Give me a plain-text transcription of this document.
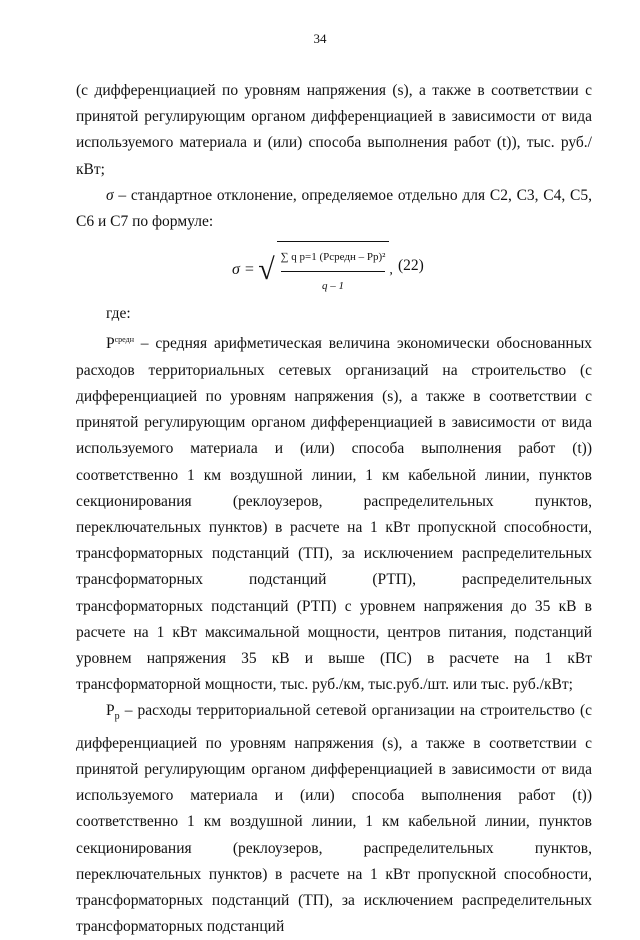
34

(с дифференциацией по уровням напряжения (s), а также в соответствии с принятой регулирующим органом дифференциацией в зависимости от вида используемого материала и (или) способа выполнения работ (t)), тыс. руб./кВт;

σ – стандартное отклонение, определяемое отдельно для С2, С3, С4, С5, С6 и С7 по формуле:

σ = √ $\frac{\text{∑ q p=1 (Pсредн – Pp)²}}{q - 1}$ , (22)

где:

$P^{средн}$ – средняя арифметическая величина экономически обоснованных расходов территориальных сетевых организаций на строительство (с дифференциацией по уровням напряжения (s), а также в соответствии с принятой регулирующим органом дифференциацией в зависимости от вида используемого материала и (или) способа выполнения работ (t)) соответственно 1 км воздушной линии, 1 км кабельной линии, пунктов секционирования (реклоузеров, распределительных пунктов, переключательных пунктов) в расчете на 1 кВт пропускной способности, трансформаторных подстанций (ТП), за исключением распределительных трансформаторных подстанций (РТП), распределительных трансформаторных подстанций (РТП) с уровнем напряжения до 35 кВ в расчете на 1 кВт максимальной мощности, центров питания, подстанций уровнем напряжения 35 кВ и выше (ПС) в расчете на 1 кВт трансформаторной мощности, тыс. руб./км, тыс.руб./шт. или тыс. руб./кВт;

$P_p$ – расходы территориальной сетевой организации на строительство (с дифференциацией по уровням напряжения (s), а также в соответствии с принятой регулирующим органом дифференциацией в зависимости от вида используемого материала и (или) способа выполнения работ (t)) соответственно 1 км воздушной линии, 1 км кабельной линии, пунктов секционирования (реклоузеров, распределительных пунктов, переключательных пунктов) в расчете на 1 кВт пропускной способности, трансформаторных подстанций (ТП), за исключением распределительных трансформаторных подстанций
